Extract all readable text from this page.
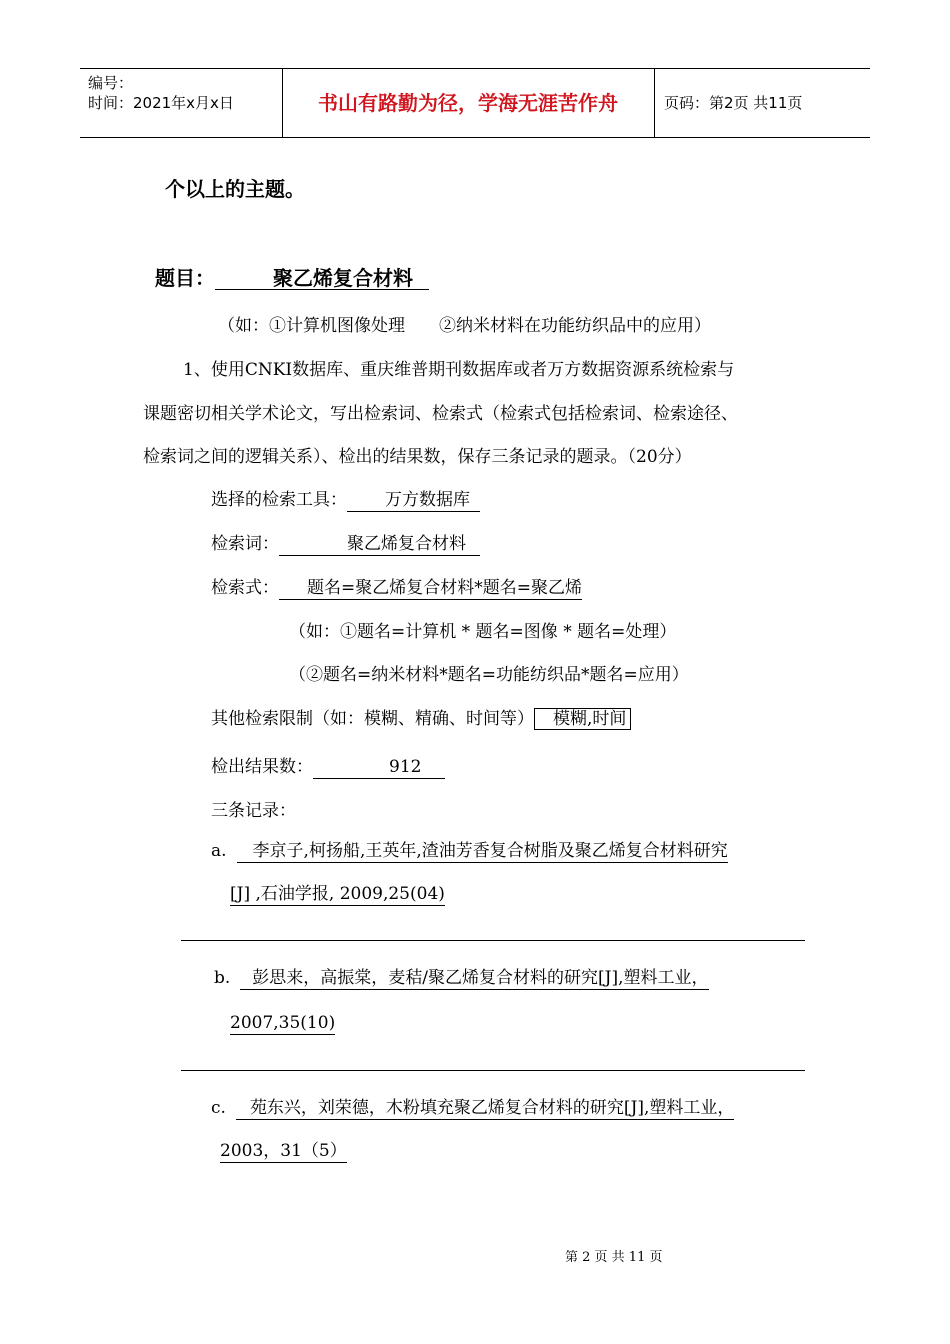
编号：
时间：2021年x月x日	书山有路勤为径，学海无涯苦作舟	页码：第2页 共11页
个以上的主题。
题目：	聚乙烯复合材料
（如：①计算机图像处理　　②纳米材料在功能纺织品中的应用）
1、使用CNKI数据库、重庆维普期刊数据库或者万方数据资源系统检索与
课题密切相关学术论文，写出检索词、检索式（检索式包括检索词、检索途径、
检索词之间的逻辑关系）、检出的结果数，保存三条记录的题录。（20分）
选择的检索工具： 万方数据库
检索词：	聚乙烯复合材料
检索式： 题名=聚乙烯复合材料*题名=聚乙烯
（如：①题名=计算机 * 题名=图像 * 题名=处理）
（②题名=纳米材料*题名=功能纺织品*题名=应用）
其他检索限制（如：模糊、精确、时间等） 模糊,时间
检出结果数：	912
三条记录：
a. 李京子,柯扬船,王英年,渣油芳香复合树脂及聚乙烯复合材料研究
[J] ,石油学报, 2009,25(04)
b. 彭思来，高振棠，麦秸/聚乙烯复合材料的研究[J],塑料工业，
2007,35(10)
c. 苑东兴，刘荣德，木粉填充聚乙烯复合材料的研究[J],塑料工业，
2003，31（5）
第 2 页 共 11 页
